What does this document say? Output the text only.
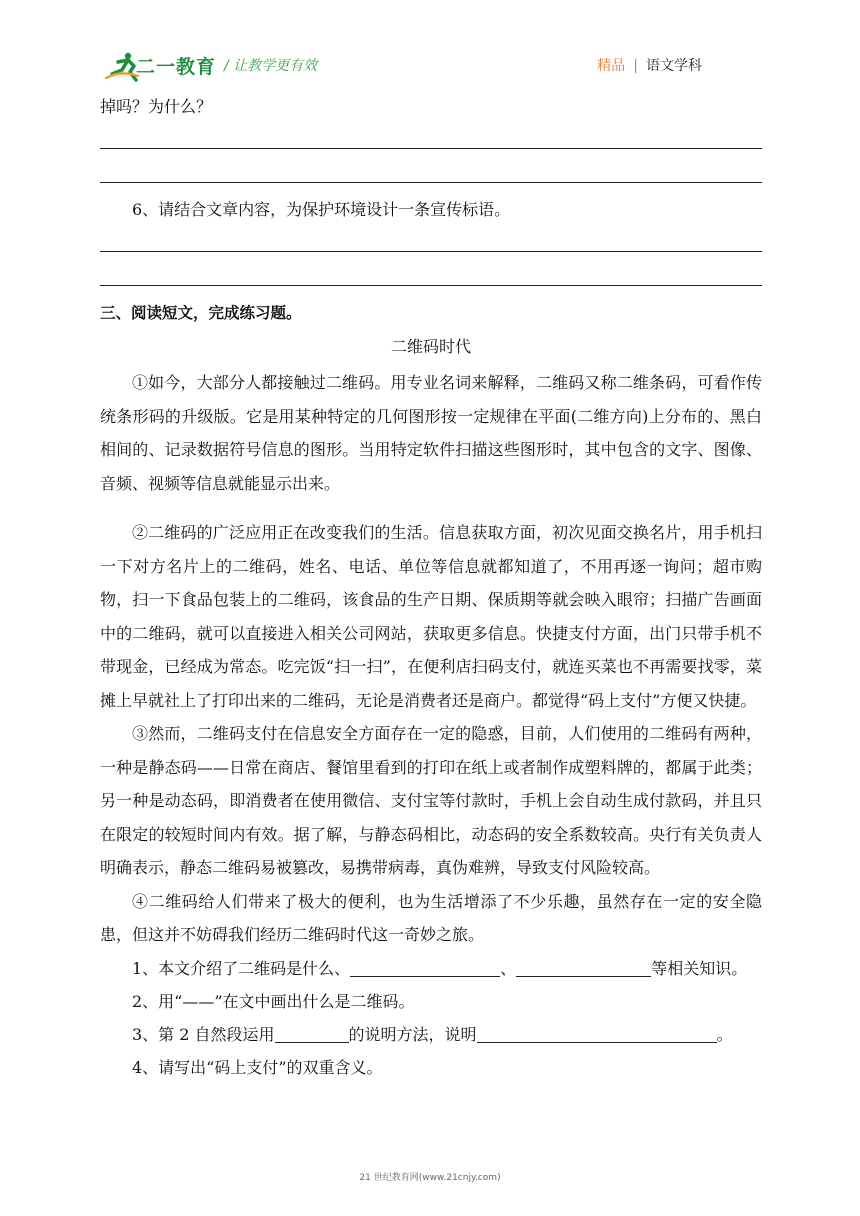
二一教育 / 让教学更有效	精品 | 语文学科
掉吗？为什么？
6、请结合文章内容，为保护环境设计一条宣传标语。
三、阅读短文，完成练习题。
二维码时代

①如今，大部分人都接触过二维码。用专业名词来解释，二维码又称二维条码，可看作传统条形码的升级版。它是用某种特定的几何图形按一定规律在平面(二维方向)上分布的、黑白相间的、记录数据符号信息的图形。当用特定软件扫描这些图形时，其中包含的文字、图像、音频、视频等信息就能显示出来。

②二维码的广泛应用正在改变我们的生活。信息获取方面，初次见面交换名片，用手机扫一下对方名片上的二维码，姓名、电话、单位等信息就都知道了，不用再逐一询问；超市购物，扫一下食品包装上的二维码，该食品的生产日期、保质期等就会映入眼帘；扫描广告画面中的二维码，就可以直接进入相关公司网站，获取更多信息。快捷支付方面，出门只带手机不带现金，已经成为常态。吃完饭“扫一扫”，在便利店扫码支付，就连买菜也不再需要找零，菜摊上早就社上了打印出来的二维码，无论是消费者还是商户。都觉得“码上支付”方便又快捷。

③然而，二维码支付在信息安全方面存在一定的隐惑，目前，人们使用的二维码有两种，一种是静态码——日常在商店、餐馆里看到的打印在纸上或者制作成塑料牌的，都属于此类；另一种是动态码，即消费者在使用微信、支付宝等付款时，手机上会自动生成付款码，并且只在限定的较短时间内有效。据了解，与静态码相比，动态码的安全系数较高。央行有关负责人明确表示，静态二维码易被篡改，易携带病毒，真伪难辨，导致支付风险较高。

④二维码给人们带来了极大的便利，也为生活增添了不少乐趣，虽然存在一定的安全隐患，但这并不妨碍我们经历二维码时代这一奇妙之旅。

1、本文介绍了二维码是什么、	、	等相关知识。
2、用“——”在文中画出什么是二维码。
3、第 2 自然段运用	的说明方法，说明	。
4、请写出“码上支付”的双重含义。
21 世纪教育网(www.21cnjy.com)
